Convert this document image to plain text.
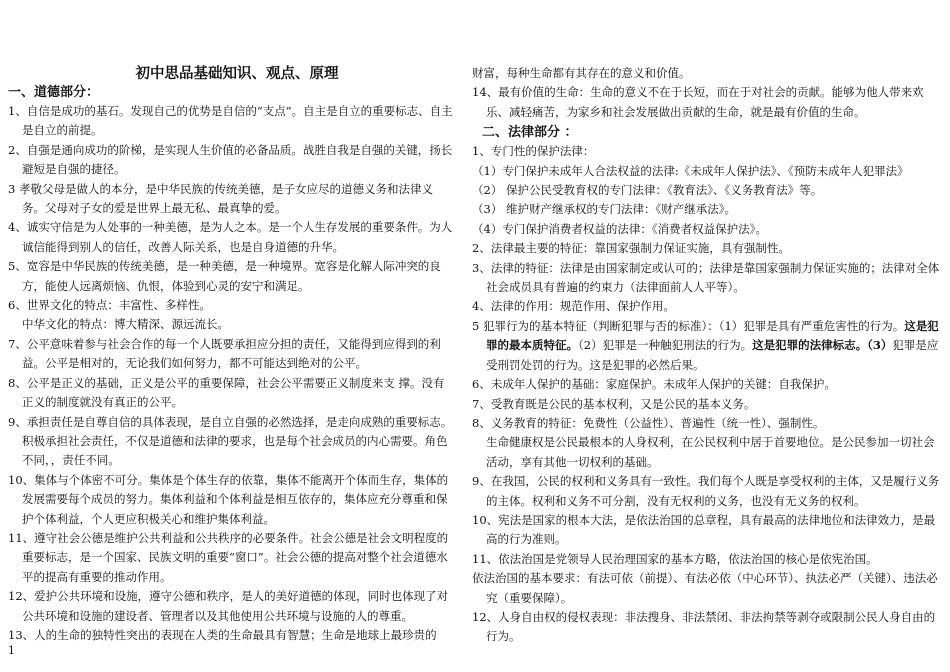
初中思品基础知识、观点、原理
一、道德部分：

1、自信是成功的基石。发现自己的优势是自信的“支点”。自主是自立的重要标志、自主是自立的前提。

2、自强是通向成功的阶梯，是实现人生价值的必备品质。战胜自我是自强的关键，扬长避短是自强的捷径。

3 孝敬父母是做人的本分，是中华民族的传统美德，是子女应尽的道德义务和法律义务。父母对子女的爱是世界上最无私、最真挚的爱。

4、诚实守信是为人处事的一种美德，是为人之本。是一个人生存发展的重要条件。为人诚信能得到别人的信任，改善人际关系，也是自身道德的升华。

5、宽容是中华民族的传统美德，是一种美德，是一种境界。宽容是化解人际冲突的良方，能使人远离烦恼、仇恨，体验到心灵的安宁和满足。

6、世界文化的特点：丰富性、多样性。

中华文化的特点：博大精深、源远流长。

7、公平意味着参与社会合作的每一个人既要承担应分担的责任，又能得到应得到的利益。公平是相对的，无论我们如何努力，都不可能达到绝对的公平。

8、公平是正义的基础，正义是公平的重要保障，社会公平需要正义制度来支 撑。没有正义的制度就没有真正的公平。

9、承担责任是自尊自信的具体表现，是自立自强的必然选择，是走向成熟的重要标志。积极承担社会责任，不仅是道德和法律的要求，也是每个社会成员的内心需要。角色不同，，责任不同。

10、集体与个体密不可分。集体是个体生存的依靠，集体不能离开个体而生存，集体的发展需要每个成员的努力。集体利益和个体利益是相互依存的，集体应充分尊重和保护个体利益，个人更应积极关心和维护集体利益。

11、遵守社会公德是维护公共利益和公共秩序的必要条件。社会公德是社会文明程度的重要标志，是一个国家、民族文明的重要“窗口”。社会公德的提高对整个社会道德水平的提高有重要的推动作用。

12、爱护公共环境和设施，遵守公德和秩序，是人的美好道德的体现，同时也体现了对公共环境和设施的建设者、管理者以及其他使用公共环境与设施的人的尊重。

13、人的生命的独特性突出的表现在人类的生命最具有智慧；生命是地球上最珍贵的

财富，每种生命都有其存在的意义和价值。

14、最有价值的生命：生命的意义不在于长短，而在于对社会的贡献。能够为他人带来欢乐、减轻痛苦，为家乡和社会发展做出贡献的生命，就是最有价值的生命。

二、法律部分 ：

1、专门性的保护法律：

（1）专门保护未成年人合法权益的法律:《未成年人保护法》、《预防未成年人犯罪法》

（2） 保护公民受教育权的专门法律：《教育法》、《义务教育法》等。

（3） 维护财产继承权的专门法律：《财产继承法》。

（4）专门保护消费者权益的法律：《消费者权益保护法》。

2、法律最主要的特征：靠国家强制力保证实施，具有强制性。

3、法律的特征：法律是由国家制定或认可的；法律是靠国家强制力保证实施的；法律对全体社会成员具有普遍的约束力（法律面前人人平等）。

4、法律的作用：规范作用、保护作用。

5 犯罪行为的基本特征（判断犯罪与否的标准）：（1）犯罪是具有严重危害性的行为。这是犯罪的最本质特征。（2）犯罪是一种触犯刑法的行为。这是犯罪的法律标志。（3）犯罪是应受刑罚处罚的行为。这是犯罪的必然后果。

6、未成年人保护的基础：家庭保护。未成年人保护的关键：自我保护。

7、受教育既是公民的基本权利，又是公民的基本义务。

8、义务教育的特征：免费性（公益性）、普遍性（统一性）、强制性。

生命健康权是公民最根本的人身权利，在公民权利中居于首要地位。是公民参加一切社会活动，享有其他一切权利的基础。

9、在我国，公民的权利和义务具有一致性。我们每个人既是享受权利的主体，又是履行义务的主体。权利和义务不可分割，没有无权利的义务，也没有无义务的权利。

10、宪法是国家的根本大法，是依法治国的总章程，具有最高的法律地位和法律效力，是最高的行为准则。

11、依法治国是党领导人民治理国家的基本方略，依法治国的核心是依宪治国。

依法治国的基本要求：有法可依（前提）、有法必依（中心环节）、执法必严（关键）、违法必究（重要保障）。

12、人身自由权的侵权表现：非法搜身、非法禁闭、非法拘禁等剥夺或限制公民人身自由的行为。

1
